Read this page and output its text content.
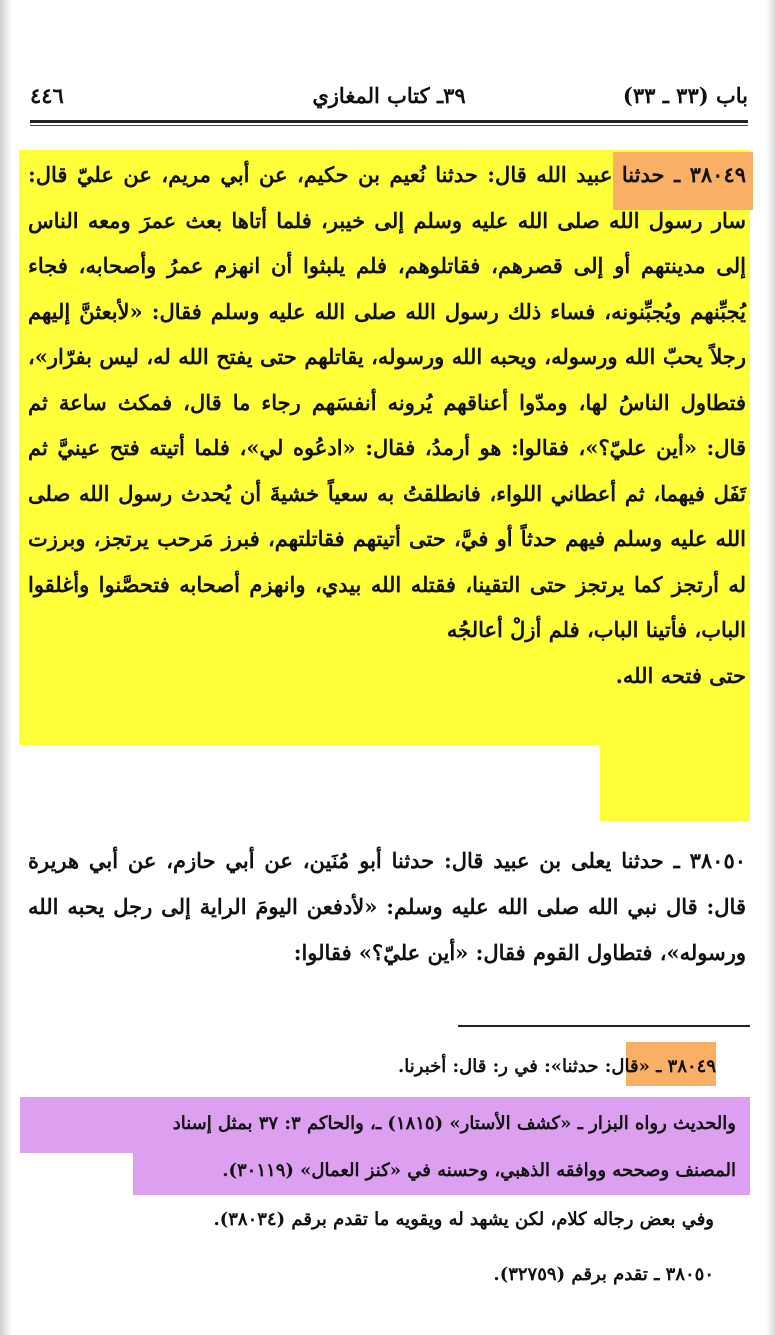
باب (٣٣ ـ ٣٣)
٣٩ـ كتاب المغازي
٤٤٦

٣٨٠٤٩ ـ حدثنا عبيد الله قال: حدثنا نُعيم بن حكيم، عن أبي مريم، عن عليّ قال: سار رسول الله صلى الله عليه وسلم إلى خيبر، فلما أتاها بعث عمرَ ومعه الناس إلى مدينتهم أو إلى قصرهم، فقاتلوهم، فلم يلبثوا أن انهزم عمرُ وأصحابه، فجاء يُجبِّنهم ويُجبِّنونه، فساء ذلك رسول الله صلى الله عليه وسلم فقال: «لأبعثنَّ إليهم رجلاً يحبّ الله ورسوله، ويحبه الله ورسوله، يقاتلهم حتى يفتح الله له، ليس بفرّار»، فتطاول الناسُ لها، ومدّوا أعناقهم يُرونه أنفسَهم رجاء ما قال، فمكث ساعة ثم قال: «أين عليّ؟»، فقالوا: هو أرمدُ، فقال: «ادعُوه لي»، فلما أتيته فتح عينيَّ ثم تَفَل فيهما، ثم أعطاني اللواء، فانطلقتُ به سعياً خشيةَ أن يُحدث رسول الله صلى الله عليه وسلم فيهم حدثاً أو فيَّ، حتى أتيتهم فقاتلتهم، فبرز مَرحب يرتجز، وبرزت له أرتجز كما يرتجز حتى التقينا، فقتله الله بيدي، وانهزم أصحابه فتحصَّنوا وأغلقوا الباب، فأتينا الباب، فلم أزلْ أعالجُه

حتى فتحه الله.

٣٨٠٥٠ ـ حدثنا يعلى بن عبيد قال: حدثنا أبو مُنَين، عن أبي حازم، عن أبي هريرة قال: قال نبي الله صلى الله عليه وسلم: «لأدفعن اليومَ الراية إلى رجل يحبه الله ورسوله»، فتطاول القوم فقال: «أين عليّ؟» فقالوا:

٣٨٠٤٩ ـ «قال: حدثنا»: في ر: قال: أخبرنا.
والحديث رواه البزار ـ «كشف الأستار» (١٨١٥) ـ، والحاكم ٣: ٣٧ بمثل إسناد
المصنف وصححه ووافقه الذهبي، وحسنه في «كنز العمال» (٣٠١١٩).
وفي بعض رجاله كلام، لكن يشهد له ويقويه ما تقدم برقم (٣٨٠٣٤).
٣٨٠٥٠ ـ تقدم برقم (٣٢٧٥٩).
